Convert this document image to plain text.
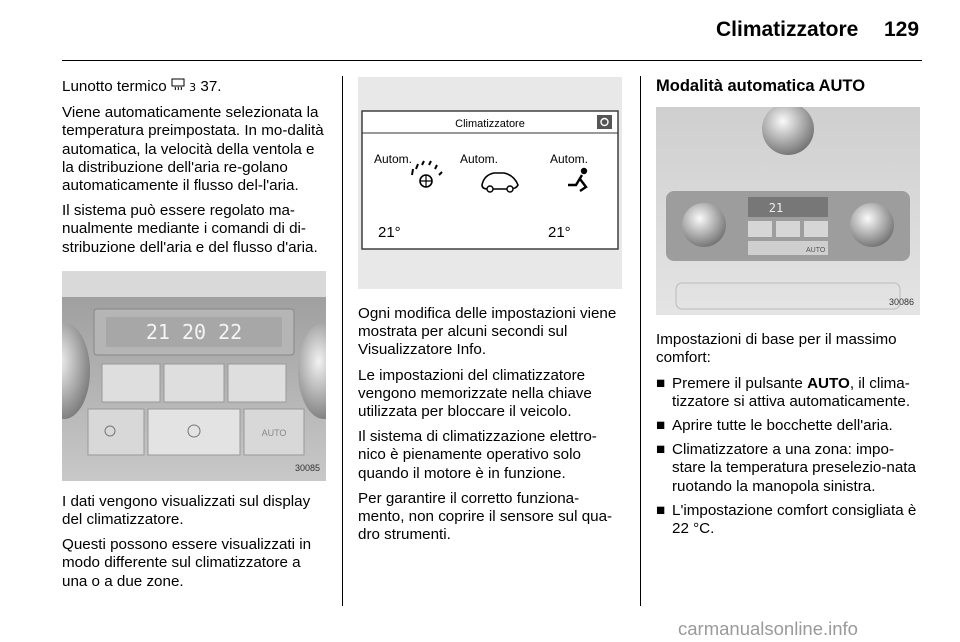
Climatizzatore 129

Lunotto termico 3 37.

Viene automaticamente selezionata la temperatura preimpostata. In mo-dalità automatica, la velocità della ventola e la distribuzione dell'aria re-golano automaticamente il flusso del-l'aria.

Il sistema può essere regolato ma-nualmente mediante i comandi di di-stribuzione dell'aria e del flusso d'aria.

21 20 22
AUTO
30085

I dati vengono visualizzati sul display del climatizzatore.

Questi possono essere visualizzati in modo differente sul climatizzatore a una o a due zone.

Climatizzatore
Autom.	Autom.	Autom.
21°	21°

Ogni modifica delle impostazioni viene mostrata per alcuni secondi sul Visualizzatore Info.

Le impostazioni del climatizzatore vengono memorizzate nella chiave utilizzata per bloccare il veicolo.

Il sistema di climatizzazione elettro-nico è pienamente operativo solo quando il motore è in funzione.

Per garantire il corretto funziona-mento, non coprire il sensore sul qua-dro strumenti.

Modalità automatica AUTO
21
AUTO
30086

Impostazioni di base per il massimo comfort:

■ Premere il pulsante AUTO, il clima-tizzatore si attiva automaticamente.
■ Aprire tutte le bocchette dell'aria.
■ Climatizzatore a una zona: impo-stare la temperatura preselezio-nata ruotando la manopola sinistra.
■ L'impostazione comfort consigliata è 22 °C.
carmanualsonline.info
